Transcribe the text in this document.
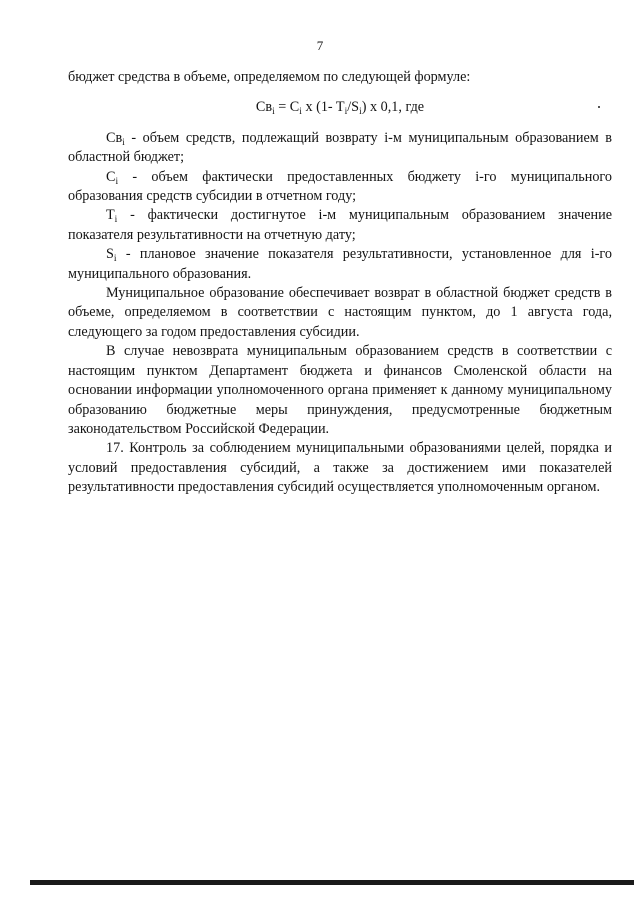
7

бюджет средства в объеме, определяемом по следующей формуле:

$Св_i = C_i$ x (1- $T_i/S_i$) x 0,1, где

$Св_i$ - объем средств, подлежащий возврату i-м муниципальным образованием в областной бюджет;

$C_i$ - объем фактически предоставленных бюджету i-го муниципального образования средств субсидии в отчетном году;

$T_i$ - фактически достигнутое i-м муниципальным образованием значение показателя результативности на отчетную дату;

$S_i$ - плановое значение показателя результативности, установленное для i-го муниципального образования.

Муниципальное образование обеспечивает возврат в областной бюджет средств в объеме, определяемом в соответствии с настоящим пунктом, до 1 августа года, следующего за годом предоставления субсидии.

В случае невозврата муниципальным образованием средств в соответствии с настоящим пунктом Департамент бюджета и финансов Смоленской области на основании информации уполномоченного органа применяет к данному муниципальному образованию бюджетные меры принуждения, предусмотренные бюджетным законодательством Российской Федерации.

17. Контроль за соблюдением муниципальными образованиями целей, порядка и условий предоставления субсидий, а также за достижением ими показателей результативности предоставления субсидий осуществляется уполномоченным органом.
